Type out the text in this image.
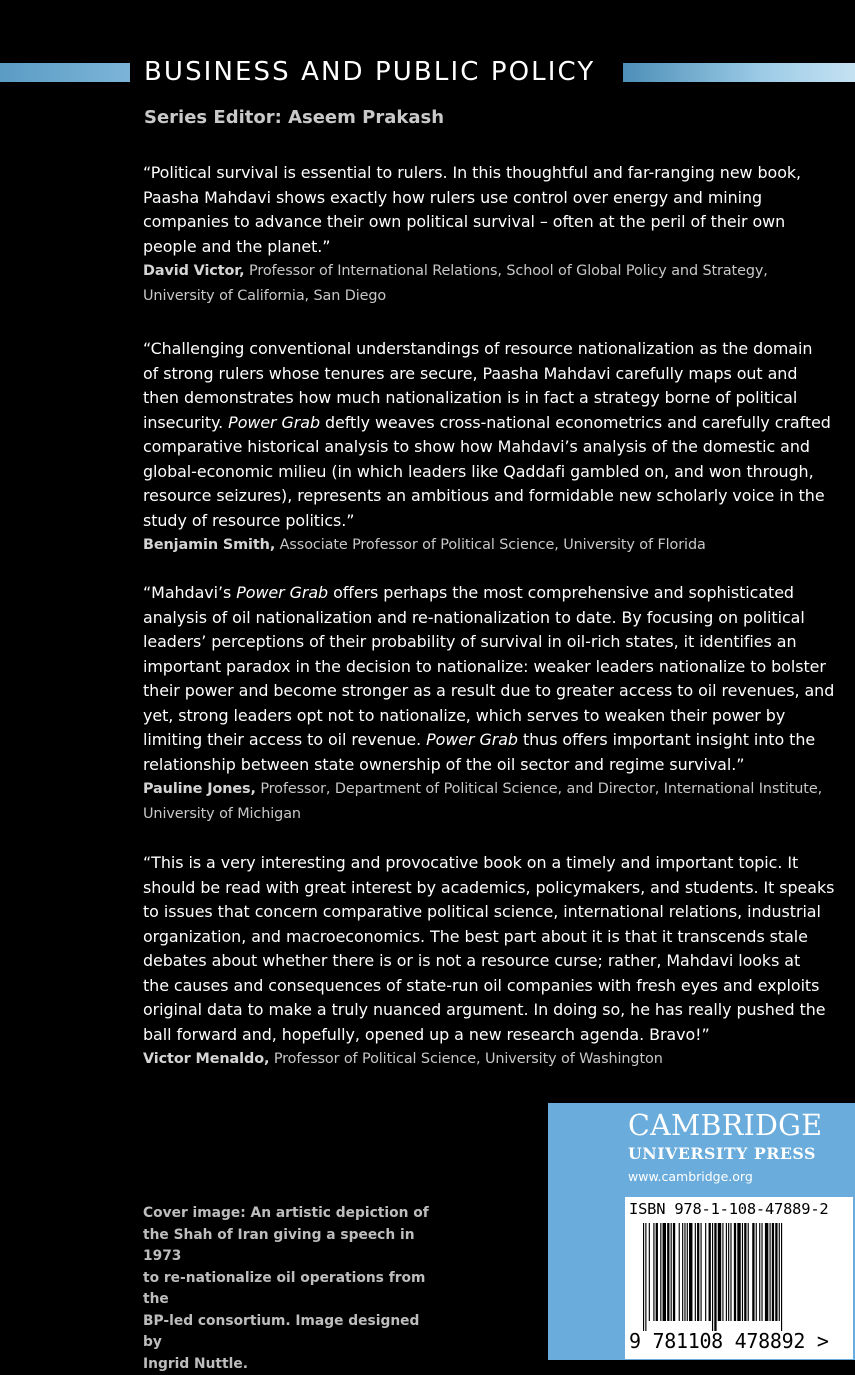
BUSINESS AND PUBLIC POLICY
Series Editor: Aseem Prakash

“Political survival is essential to rulers. In this thoughtful and far-ranging new book,
Paasha Mahdavi shows exactly how rulers use control over energy and mining
companies to advance their own political survival – often at the peril of their own
people and the planet.”

David Victor, Professor of International Relations, School of Global Policy and Strategy,
University of California, San Diego

“Challenging conventional understandings of resource nationalization as the domain
of strong rulers whose tenures are secure, Paasha Mahdavi carefully maps out and
then demonstrates how much nationalization is in fact a strategy borne of political
insecurity. Power Grab deftly weaves cross-national econometrics and carefully crafted
comparative historical analysis to show how Mahdavi’s analysis of the domestic and
global-economic milieu (in which leaders like Qaddafi gambled on, and won through,
resource seizures), represents an ambitious and formidable new scholarly voice in the
study of resource politics.”

Benjamin Smith, Associate Professor of Political Science, University of Florida

“Mahdavi’s Power Grab offers perhaps the most comprehensive and sophisticated
analysis of oil nationalization and re-nationalization to date. By focusing on political
leaders’ perceptions of their probability of survival in oil-rich states, it identifies an
important paradox in the decision to nationalize: weaker leaders nationalize to bolster
their power and become stronger as a result due to greater access to oil revenues, and
yet, strong leaders opt not to nationalize, which serves to weaken their power by
limiting their access to oil revenue. Power Grab thus offers important insight into the
relationship between state ownership of the oil sector and regime survival.”

Pauline Jones, Professor, Department of Political Science, and Director, International Institute,
University of Michigan

“This is a very interesting and provocative book on a timely and important topic. It
should be read with great interest by academics, policymakers, and students. It speaks
to issues that concern comparative political science, international relations, industrial
organization, and macroeconomics. The best part about it is that it transcends stale
debates about whether there is or is not a resource curse; rather, Mahdavi looks at
the causes and consequences of state-run oil companies with fresh eyes and exploits
original data to make a truly nuanced argument. In doing so, he has really pushed the
ball forward and, hopefully, opened up a new research agenda. Bravo!”

Victor Menaldo, Professor of Political Science, University of Washington

Cover image: An artistic depiction of
the Shah of Iran giving a speech in 1973
to re-nationalize oil operations from the
BP-led consortium. Image designed by
Ingrid Nuttle.
CAMBRIDGE
UNIVERSITY PRESS
www.cambridge.org
ISBN 978-1-108-47889-2
9 781108 478892 >
